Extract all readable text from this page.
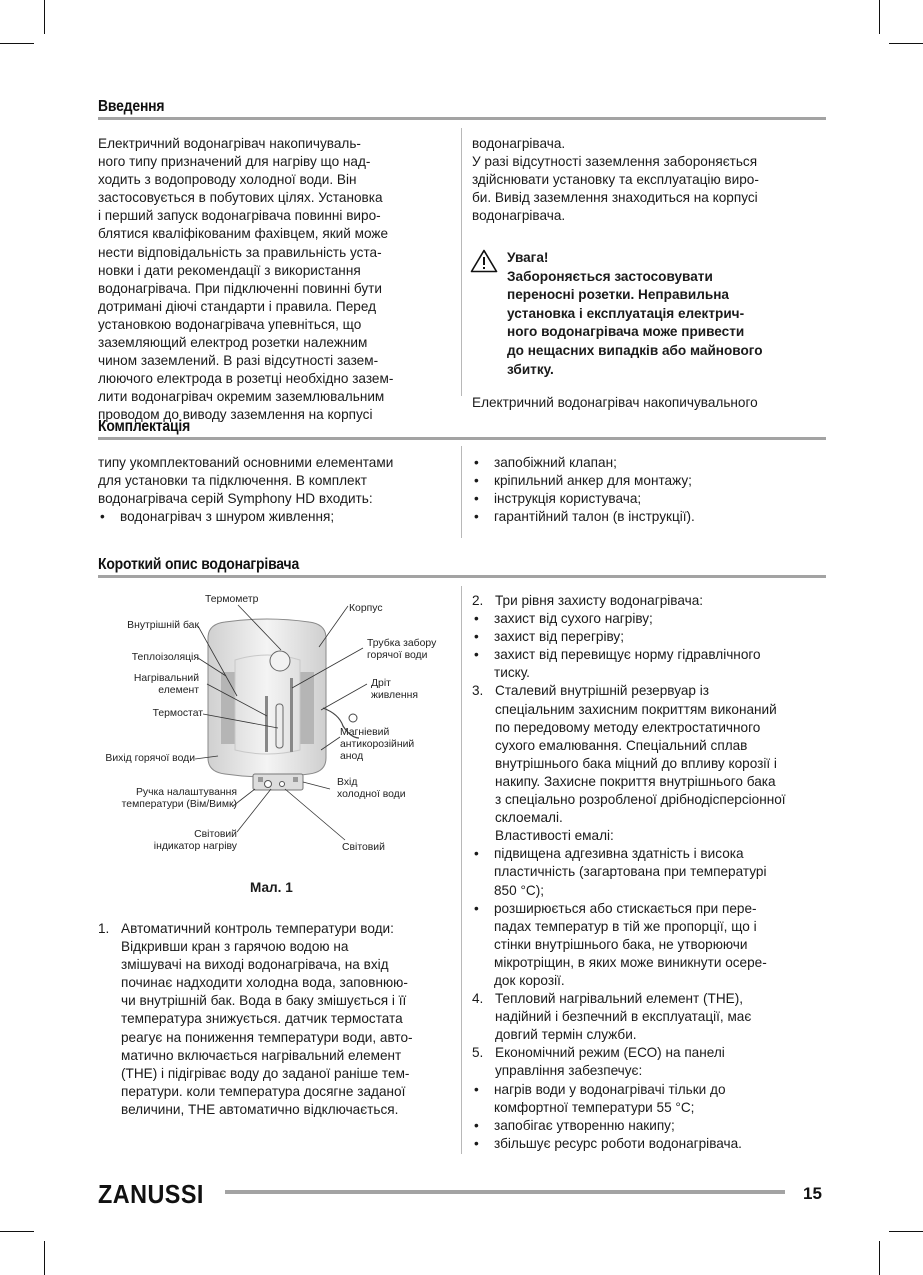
Введення
Електричний водонагрівач накопичуваль-
ного типу призначений для нагріву що над-
ходить з водопроводу холодної води. Він
застосовується в побутових цілях. Установка
і перший запуск водонагрівача повинні виро-
блятися кваліфікованим фахівцем, який може
нести відповідальність за правильність уста-
новки і дати рекомендації з використання
водонагрівача. При підключенні повинні бути
дотримані діючі стандарти і правила. Перед
установкою водонагрівача упевніться, що
заземляющий електрод розетки належним
чином заземлений. В разі відсутності зазем-
люючого електрода в розетці необхідно зазем-
лити водонагрівач окремим заземлювальним
проводом до виводу заземлення на корпусі
водонагрівача.
У разі відсутності заземлення забороняється
здійснювати установку та експлуатацію виро-
би. Вивід заземлення знаходиться на корпусі
водонагрівача.
Увага!
Забороняється застосовувати
переносні розетки. Неправильна
установка і експлуатація електрич-
ного водонагрівача може привести
до нещасних випадків або майнового
збитку.
Електричний водонагрівач накопичувального
Комплектація
типу укомплектований основними елементами
для установки та підключення. В комплект
водонагрівача серій Symphony HD входить:
• водонагрівач з шнуром живлення;
• запобіжний клапан;
• кріпильний анкер для монтажу;
• інструкція користувача;
• гарантійний талон (в інструкції).
Короткий опис водонагрівача
Термометр
Корпус
Внутрішній бак
Теплоізоляція
Нагрівальний
елемент
Термостат
Вихід горячої води
Ручка налаштування
температури (Вім/Вимк)
Світовий
індикатор нагріву
Трубка забору
горячої води
Дріт
живлення
Магніевий
антикорозійний
анод
Вхід
холодної води
Світовий
Мал. 1
1. Автоматичний контроль температури води:
Відкривши кран з гарячою водою на
змішувачі на виході водонагрівача, на вхід
починає надходити холодна вода, заповнюю-
чи внутрішній бак. Вода в баку змішується і її
температура знижується. датчик термостата
реагує на пониження температури води, авто-
матично включається нагрівальний елемент
(ТНЕ) і підігріває воду до заданої раніше тем-
ператури. коли температура досягне заданої
величини, ТНЕ автоматично відключається.
2. Три рівня захисту водонагрівача:
• захист від сухого нагріву;
• захист від перегріву;
• захист від перевищує норму гідравлічного
тиску.
3. Сталевий внутрішній резервуар із
спеціальним захисним покриттям виконаний
по передовому методу електростатичного
сухого емалювання. Спеціальний сплав
внутрішнього бака міцний до впливу корозії і
накипу. Захисне покриття внутрішнього бака
з спеціально розробленої дрібнодісперсіонної
склоемалі.
Властивості емалі:
• підвищена адгезивна здатність і висока
пластичність (загартована при температурі
850 °С);
• розширюється або стискається при пере-
падах температур в тій же пропорції, що і
стінки внутрішнього бака, не утворюючи
мікротріщин, в яких може виникнути осере-
док корозії.
4. Тепловий нагрівальний елемент (ТНЕ),
надійний і безпечний в експлуатації, має
довгий термін служби.
5. Економічний режим (ЕСО) на панелі
управління забезпечує:
• нагрів води у водонагрівачі тільки до
комфортної температури 55 °С;
• запобігає утворенню накипу;
• збільшує ресурс роботи водонагрівача.
ZANUSSI	15
